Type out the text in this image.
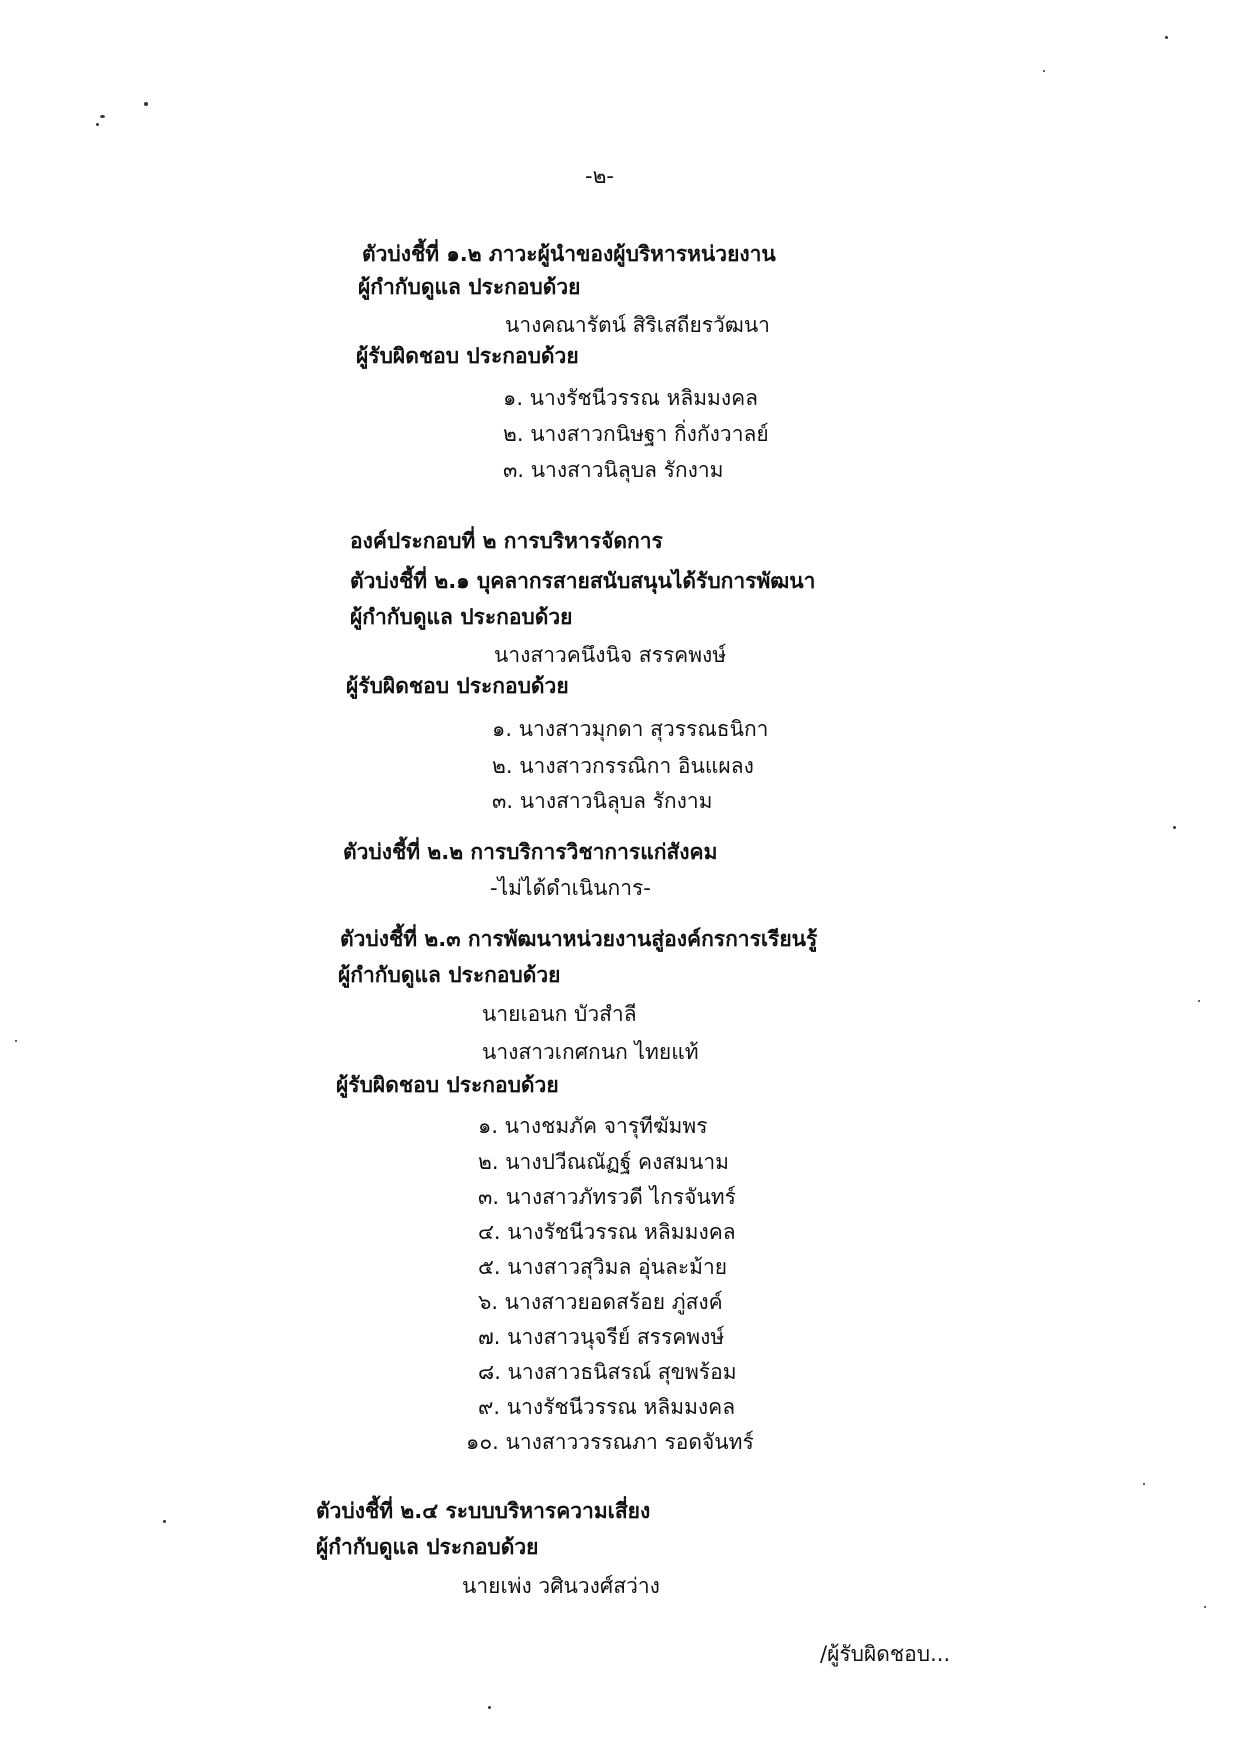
-๒-
ตัวบ่งชี้ที่ ๑.๒ ภาวะผู้นำของผู้บริหารหน่วยงาน
ผู้กำกับดูแล ประกอบด้วย
นางคณารัตน์ สิริเสถียรวัฒนา
ผู้รับผิดชอบ ประกอบด้วย
๑. นางรัชนีวรรณ หลิมมงคล
๒. นางสาวกนิษฐา กิ่งกังวาลย์
๓. นางสาวนิลุบล รักงาม
องค์ประกอบที่ ๒ การบริหารจัดการ
ตัวบ่งชี้ที่ ๒.๑ บุคลากรสายสนับสนุนได้รับการพัฒนา
ผู้กำกับดูแล ประกอบด้วย
นางสาวคนึงนิจ สรรคพงษ์
ผู้รับผิดชอบ ประกอบด้วย
๑. นางสาวมุกดา สุวรรณธนิกา
๒. นางสาวกรรณิกา อินแผลง
๓. นางสาวนิลุบล รักงาม
ตัวบ่งชี้ที่ ๒.๒ การบริการวิชาการแก่สังคม
-ไม่ได้ดำเนินการ-
ตัวบ่งชี้ที่ ๒.๓ การพัฒนาหน่วยงานสู่องค์กรการเรียนรู้
ผู้กำกับดูแล ประกอบด้วย
นายเอนก บัวสำลี
นางสาวเกศกนก ไทยแท้
ผู้รับผิดชอบ ประกอบด้วย
๑. นางชมภัค จารุทีฆัมพร
๒. นางปวีณณัฏฐ์ คงสมนาม
๓. นางสาวภัทรวดี ไกรจันทร์
๔. นางรัชนีวรรณ หลิมมงคล
๕. นางสาวสุวิมล อุ่นละม้าย
๖. นางสาวยอดสร้อย ภู่สงค์
๗. นางสาวนุจรีย์ สรรคพงษ์
๘. นางสาวธนิสรณ์ สุขพร้อม
๙. นางรัชนีวรรณ หลิมมงคล
๑๐. นางสาววรรณภา รอดจันทร์
ตัวบ่งชี้ที่ ๒.๔ ระบบบริหารความเสี่ยง
ผู้กำกับดูแล ประกอบด้วย
นายเพ่ง วศินวงศ์สว่าง
/ผู้รับผิดชอบ...
